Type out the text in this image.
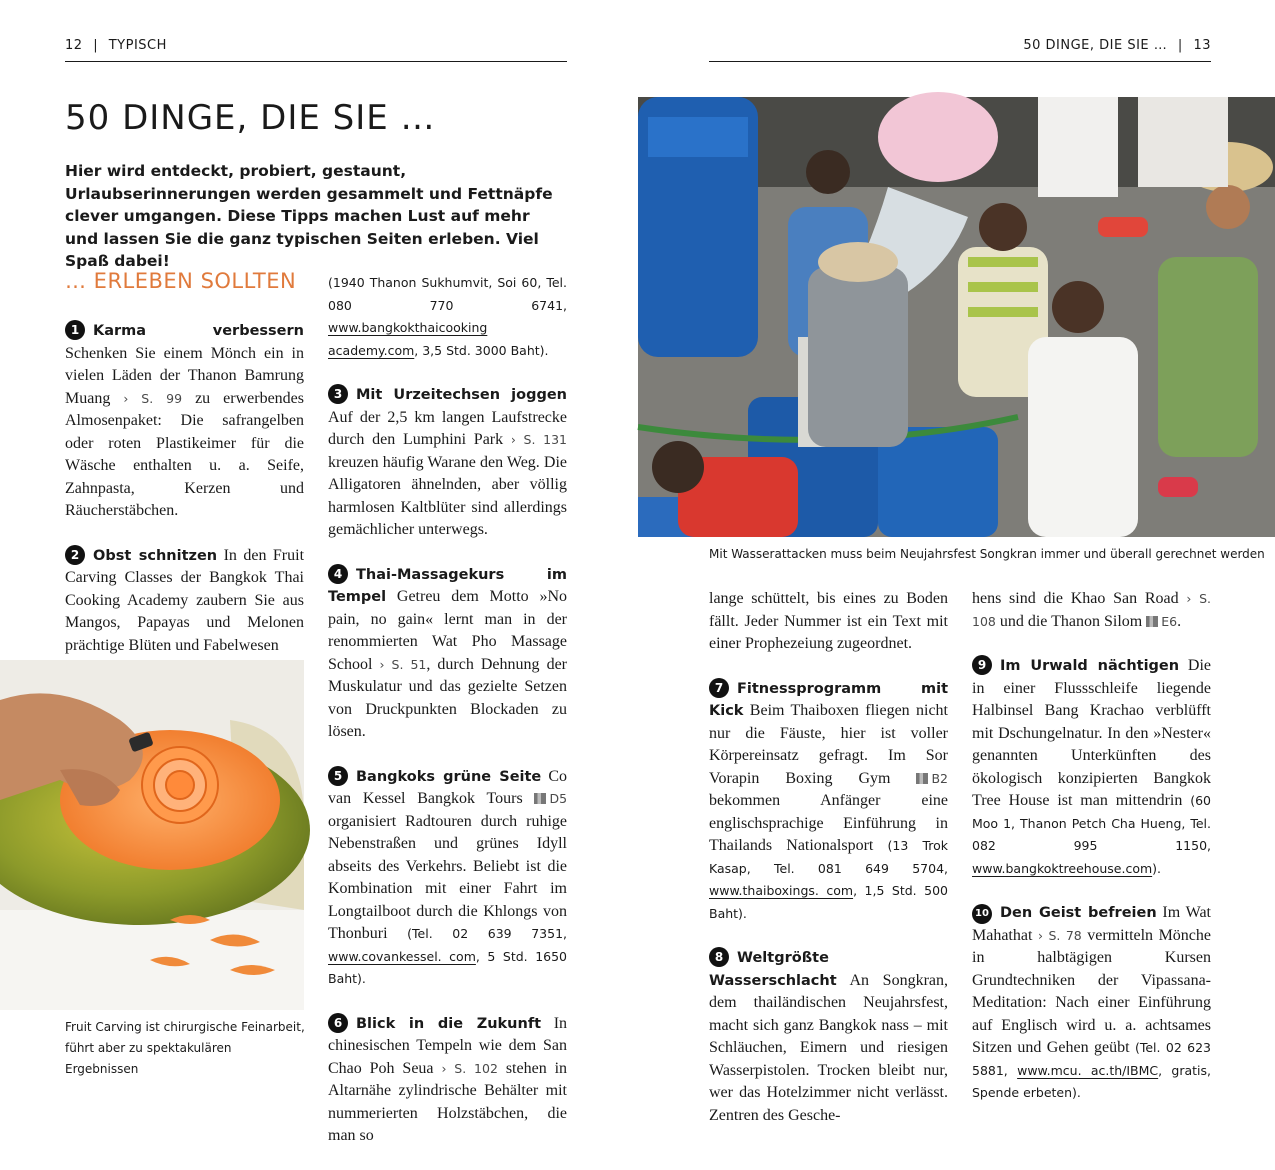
12 | TYPISCH	50 DINGE, DIE SIE … | 13
50 DINGE, DIE SIE …

Hier wird entdeckt, probiert, gestaunt, Urlaubserinnerungen werden gesammelt und Fettnäpfe clever umgangen. Diese Tipps machen Lust auf mehr und lassen Sie die ganz typischen Seiten erleben. Viel Spaß dabei!

… ERLEBEN SOLLTEN

1 Karma verbessern Schenken Sie einem Mönch ein in vielen Läden der Thanon Bamrung Muang › S. 99 zu erwerbendes Almosenpaket: Die safrangelben oder roten Plastikeimer für die Wäsche enthalten u. a. Seife, Zahnpasta, Kerzen und Räucherstäbchen.

2 Obst schnitzen In den Fruit Carving Classes der Bangkok Thai Cooking Academy zaubern Sie aus Mangos, Papayas und Melonen prächtige Blüten und Fabelwesen

Fruit Carving ist chirurgische Feinarbeit, führt aber zu spektakulären Ergebnissen

(1940 Thanon Sukhumvit, Soi 60, Tel. 080 770 6741, www.bangkokthaicooking academy.com, 3,5 Std. 3000 Baht).

3 Mit Urzeitechsen joggen Auf der 2,5 km langen Laufstrecke durch den Lumphini Park › S. 131 kreuzen häufig Warane den Weg. Die Alligatoren ähnelnden, aber völlig harmlosen Kaltblüter sind allerdings gemächlicher unterwegs.

4 Thai-Massagekurs im Tempel Getreu dem Motto »No pain, no gain« lernt man in der renommierten Wat Pho Massage School › S. 51, durch Dehnung der Muskulatur und das gezielte Setzen von Druckpunkten Blockaden zu lösen.

5 Bangkoks grüne Seite Co van Kessel Bangkok Tours D5 organisiert Radtouren durch ruhige Nebenstraßen und grünes Idyll abseits des Verkehrs. Beliebt ist die Kombination mit einer Fahrt im Longtailboot durch die Khlongs von Thonburi (Tel. 02 639 7351, www.covankessel. com, 5 Std. 1650 Baht).

6 Blick in die Zukunft In chinesischen Tempeln wie dem San Chao Poh Seua › S. 102 stehen in Altarnähe zylindrische Behälter mit nummerierten Holzstäbchen, die man so

Mit Wasserattacken muss beim Neujahrsfest Songkran immer und überall gerechnet werden

lange schüttelt, bis eines zu Boden fällt. Jeder Nummer ist ein Text mit einer Prophezeiung zugeordnet.

7 Fitnessprogramm mit Kick Beim Thaiboxen fliegen nicht nur die Fäuste, hier ist voller Körpereinsatz gefragt. Im Sor Vorapin Boxing Gym	B2 bekommen Anfänger eine englischsprachige Einführung in Thailands Nationalsport (13 Trok Kasap, Tel. 081 649 5704, www.thaiboxings. com, 1,5 Std. 500 Baht).

8 Weltgrößte Wasserschlacht An Songkran, dem thailändischen Neujahrsfest, macht sich ganz Bangkok nass – mit Schläuchen, Eimern und riesigen Wasserpistolen. Trocken bleibt nur, wer das Hotelzimmer nicht verlässt. Zentren des Gesche-

hens sind die Khao San Road › S. 108 und die Thanon Silom E6.

9 Im Urwald nächtigen Die in einer Flussschleife liegende Halbinsel Bang Krachao verblüfft mit Dschungelnatur. In den »Nester« genannten Unterkünften des ökologisch konzipierten Bangkok Tree House ist man mittendrin (60 Moo 1, Thanon Petch Cha Hueng, Tel. 082 995 1150, www.bangkoktreehouse.com).

10 Den Geist befreien Im Wat Mahathat › S. 78 vermitteln Mönche in halbtägigen Kursen Grundtechniken der Vipassana-Meditation: Nach einer Einführung auf Englisch wird u. a. achtsames Sitzen und Gehen geübt (Tel. 02 623 5881, www.mcu. ac.th/IBMC, gratis, Spende erbeten).
